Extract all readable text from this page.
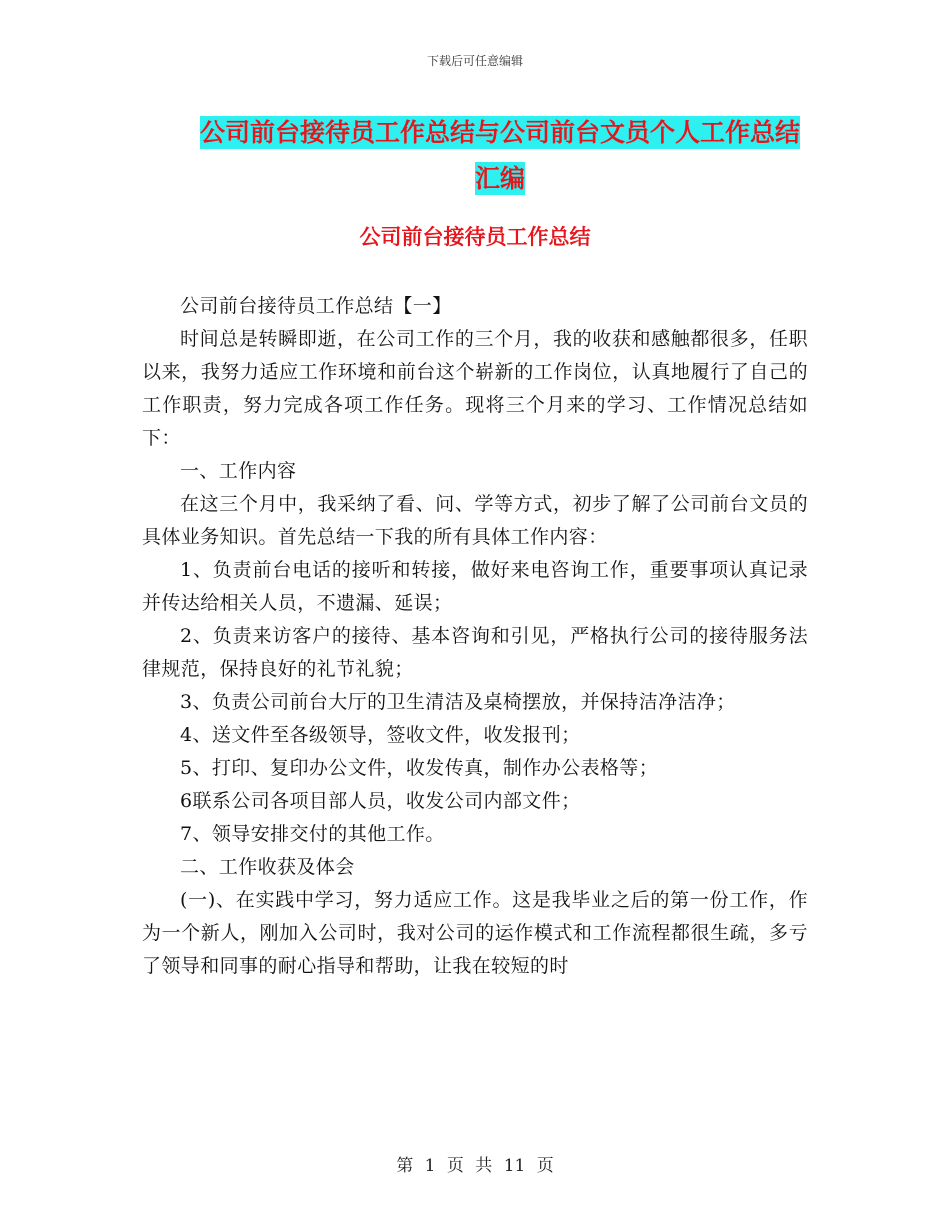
下载后可任意编辑
公司前台接待员工作总结与公司前台文员个人工作总结汇编
公司前台接待员工作总结

公司前台接待员工作总结【一】

时间总是转瞬即逝，在公司工作的三个月，我的收获和感触都很多，任职以来，我努力适应工作环境和前台这个崭新的工作岗位，认真地履行了自己的工作职责，努力完成各项工作任务。现将三个月来的学习、工作情况总结如下：

一、工作内容

在这三个月中，我采纳了看、问、学等方式，初步了解了公司前台文员的具体业务知识。首先总结一下我的所有具体工作内容：

1、负责前台电话的接听和转接，做好来电咨询工作，重要事项认真记录并传达给相关人员，不遗漏、延误；

2、负责来访客户的接待、基本咨询和引见，严格执行公司的接待服务法律规范，保持良好的礼节礼貌；

3、负责公司前台大厅的卫生清洁及桌椅摆放，并保持洁净洁净；

4、送文件至各级领导，签收文件，收发报刊；

5、打印、复印办公文件，收发传真，制作办公表格等；

6联系公司各项目部人员，收发公司内部文件；

7、领导安排交付的其他工作。

二、工作收获及体会

(一)、在实践中学习，努力适应工作。这是我毕业之后的第一份工作，作为一个新人，刚加入公司时，我对公司的运作模式和工作流程都很生疏，多亏了领导和同事的耐心指导和帮助，让我在较短的时

第 1 页 共 11 页
